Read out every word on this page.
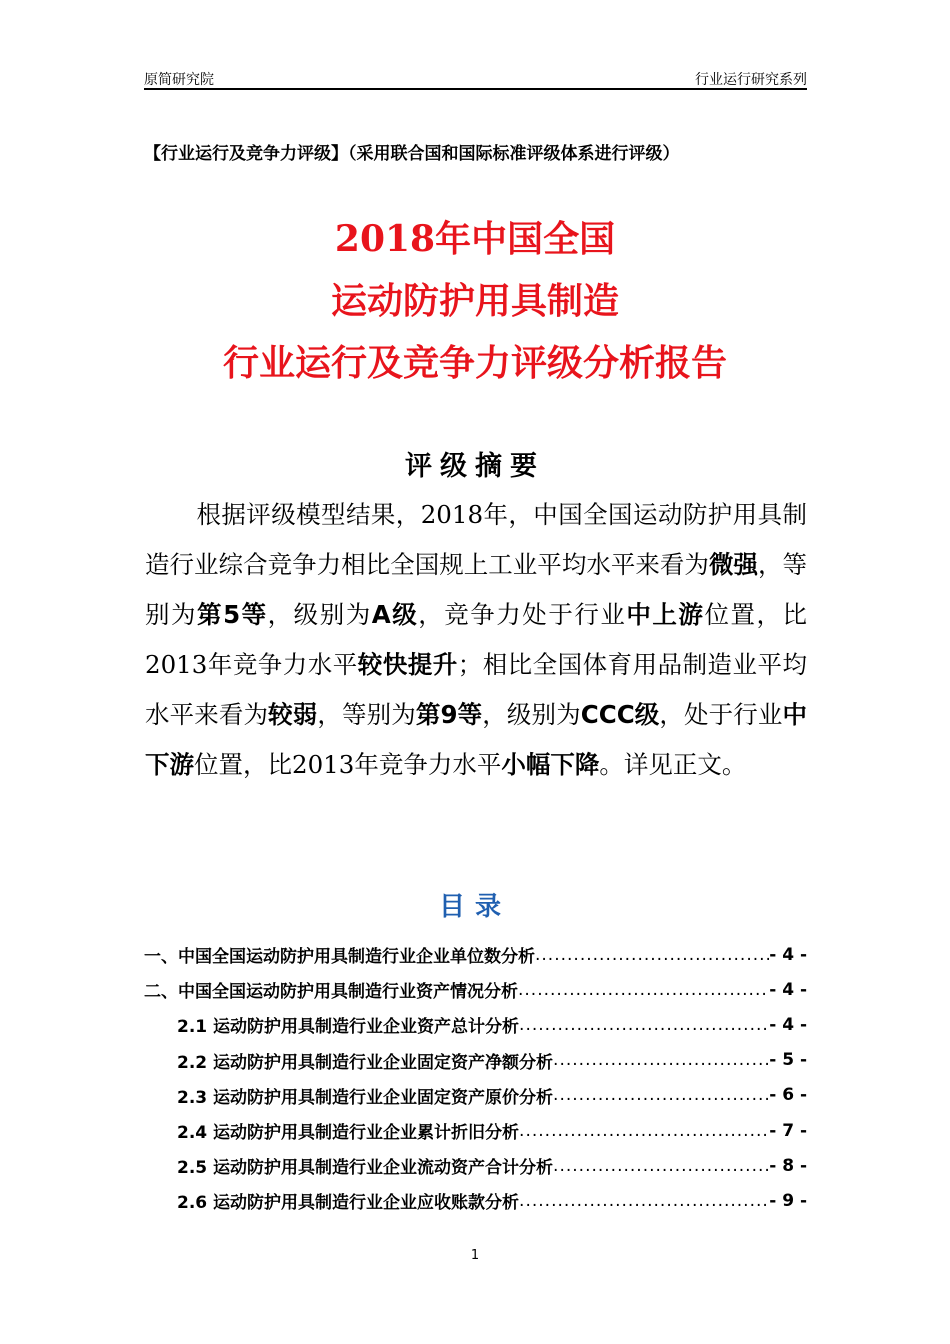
原简研究院	行业运行研究系列
【行业运行及竞争力评级】（采用联合国和国际标准评级体系进行评级）
2018年中国全国
运动防护用具制造
行业运行及竞争力评级分析报告
评级摘要

根据评级模型结果，2018年，中国全国运动防护用具制造行业综合竞争力相比全国规上工业平均水平来看为微强，等别为第5等，级别为A级，竞争力处于行业中上游位置，比2013年竞争力水平较快提升；相比全国体育用品制造业平均水平来看为较弱，等别为第9等，级别为CCC级，处于行业中下游位置，比2013年竞争力水平小幅下降。详见正文。

目录
一、中国全国运动防护用具制造行业企业单位数分析 .....	- 4 -
二、中国全国运动防护用具制造行业资产情况分析 .....	- 4 -
2.1 运动防护用具制造行业企业资产总计分析 .....	- 4 -
2.2 运动防护用具制造行业企业固定资产净额分析 .....	- 5 -
2.3 运动防护用具制造行业企业固定资产原价分析 .....	- 6 -
2.4 运动防护用具制造行业企业累计折旧分析 .....	- 7 -
2.5 运动防护用具制造行业企业流动资产合计分析 .....	- 8 -
2.6 运动防护用具制造行业企业应收账款分析 .....	- 9 -
1
